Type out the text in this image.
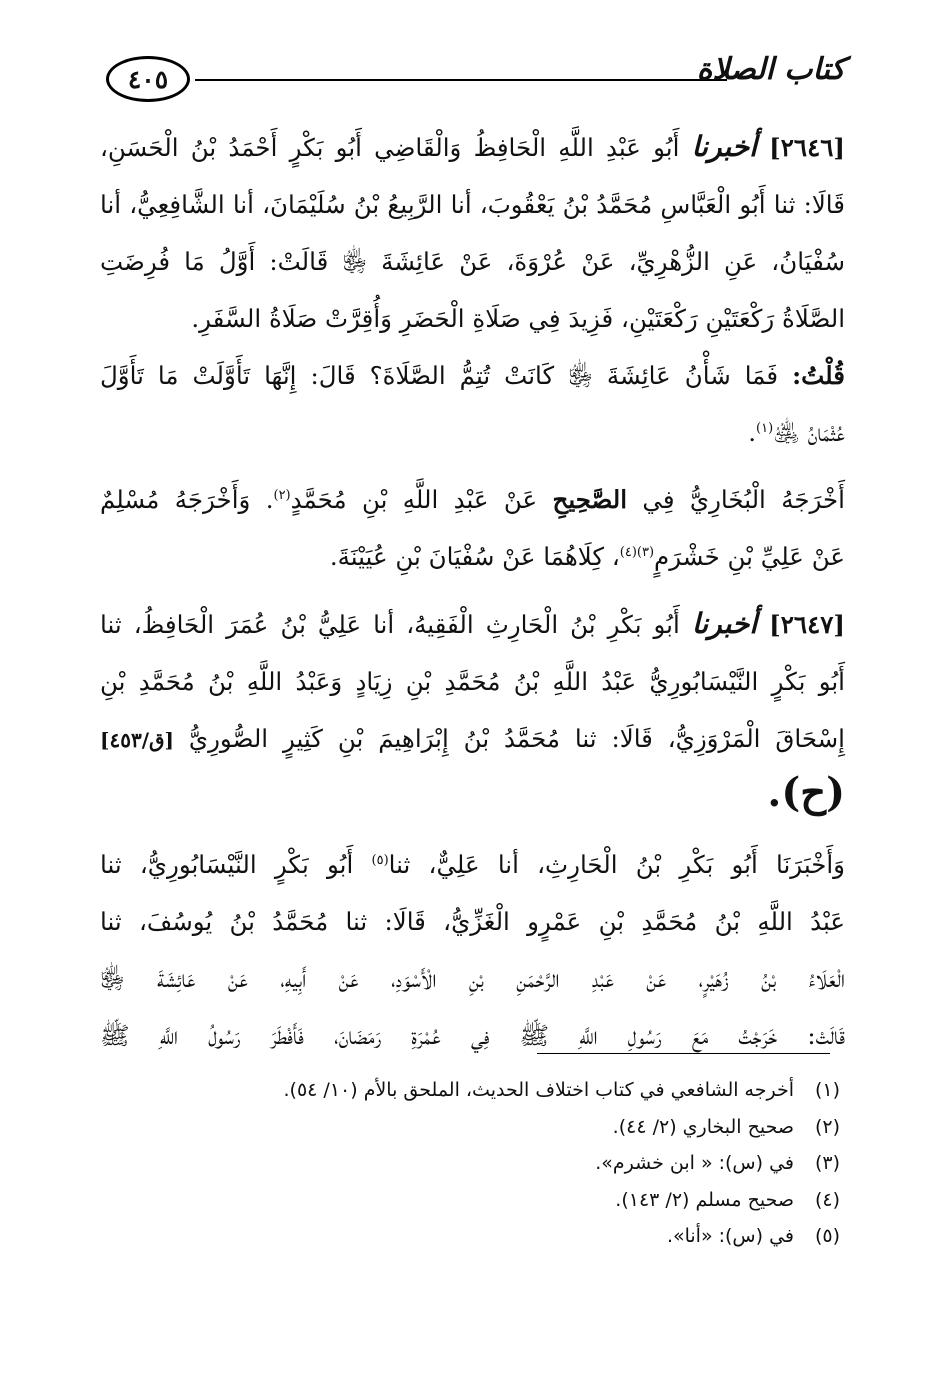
٤٠٥	كتاب الصلاة
[٢٦٤٦] أخبرنا أَبُو عَبْدِ اللَّهِ الْحَافِظُ وَالْقَاضِي أَبُو بَكْرٍ أَحْمَدُ بْنُ الْحَسَنِ،
قَالَا: ثنا أَبُو الْعَبَّاسِ مُحَمَّدُ بْنُ يَعْقُوبَ، أنا الرَّبِيعُ بْنُ سُلَيْمَانَ، أنا الشَّافِعِيُّ، أنا
سُفْيَانُ، عَنِ الزُّهْرِيِّ، عَنْ عُرْوَةَ، عَنْ عَائِشَةَ ﵂ قَالَتْ: أَوَّلُ مَا فُرِضَتِ
الصَّلَاةُ رَكْعَتَيْنِ رَكْعَتَيْنِ، فَزِيدَ فِي صَلَاةِ الْحَضَرِ وَأُقِرَّتْ صَلَاةُ السَّفَرِ.
قُلْتُ: فَمَا شَأْنُ عَائِشَةَ ﵂ كَانَتْ تُتِمُّ الصَّلَاةَ؟ قَالَ: إِنَّهَا تَأَوَّلَتْ مَا تَأَوَّلَ
عُثْمَانُ ﵁$^{(١)}$.
أَخْرَجَهُ الْبُخَارِيُّ فِي الصَّحِيحِ عَنْ عَبْدِ اللَّهِ بْنِ مُحَمَّدٍ$^{(٢)}$. وَأَخْرَجَهُ مُسْلِمٌ
عَنْ عَلِيِّ بْنِ خَشْرَمٍ$^{(٣)(٤)}$، كِلَاهُمَا عَنْ سُفْيَانَ بْنِ عُيَيْنَةَ.
[٢٦٤٧] أخبرنا أَبُو بَكْرِ بْنُ الْحَارِثِ الْفَقِيهُ، أنا عَلِيُّ بْنُ عُمَرَ الْحَافِظُ، ثنا
أَبُو بَكْرٍ النَّيْسَابُورِيُّ عَبْدُ اللَّهِ بْنُ مُحَمَّدِ بْنِ زِيَادٍ وَعَبْدُ اللَّهِ بْنُ مُحَمَّدِ بْنِ
إِسْحَاقَ الْمَرْوَزِيُّ، قَالَا: ثنا مُحَمَّدُ بْنُ إِبْرَاهِيمَ بْنِ كَثِيرٍ الصُّورِيُّ [ق/٤٥٣]
(ح).
وَأَخْبَرَنَا أَبُو بَكْرِ بْنُ الْحَارِثِ، أنا عَلِيٌّ، ثنا$^{(٥)}$ أَبُو بَكْرٍ النَّيْسَابُورِيُّ، ثنا
عَبْدُ اللَّهِ بْنُ مُحَمَّدِ بْنِ عَمْرٍو الْغَزِّيُّ، قَالَا: ثنا مُحَمَّدُ بْنُ يُوسُفَ، ثنا
الْعَلَاءُ بْنُ زُهَيْرٍ، عَنْ عَبْدِ الرَّحْمَنِ بْنِ الْأَسْوَدِ، عَنْ أَبِيهِ، عَنْ عَائِشَةَ ﵂
قَالَتْ: خَرَجْتُ مَعَ رَسُولِ اللَّهِ ﷺ فِي عُمْرَةِ رَمَضَانَ، فَأَفْطَرَ رَسُولُ اللَّهِ ﷺ
(١)أخرجه الشافعي في كتاب اختلاف الحديث، الملحق بالأم (١٠/ ٥٤).
(٢)صحيح البخاري (٢/ ٤٤).
(٣)في (س): « ابن خشرم».
(٤)صحيح مسلم (٢/ ١٤٣).
(٥)في (س): «أنا».
